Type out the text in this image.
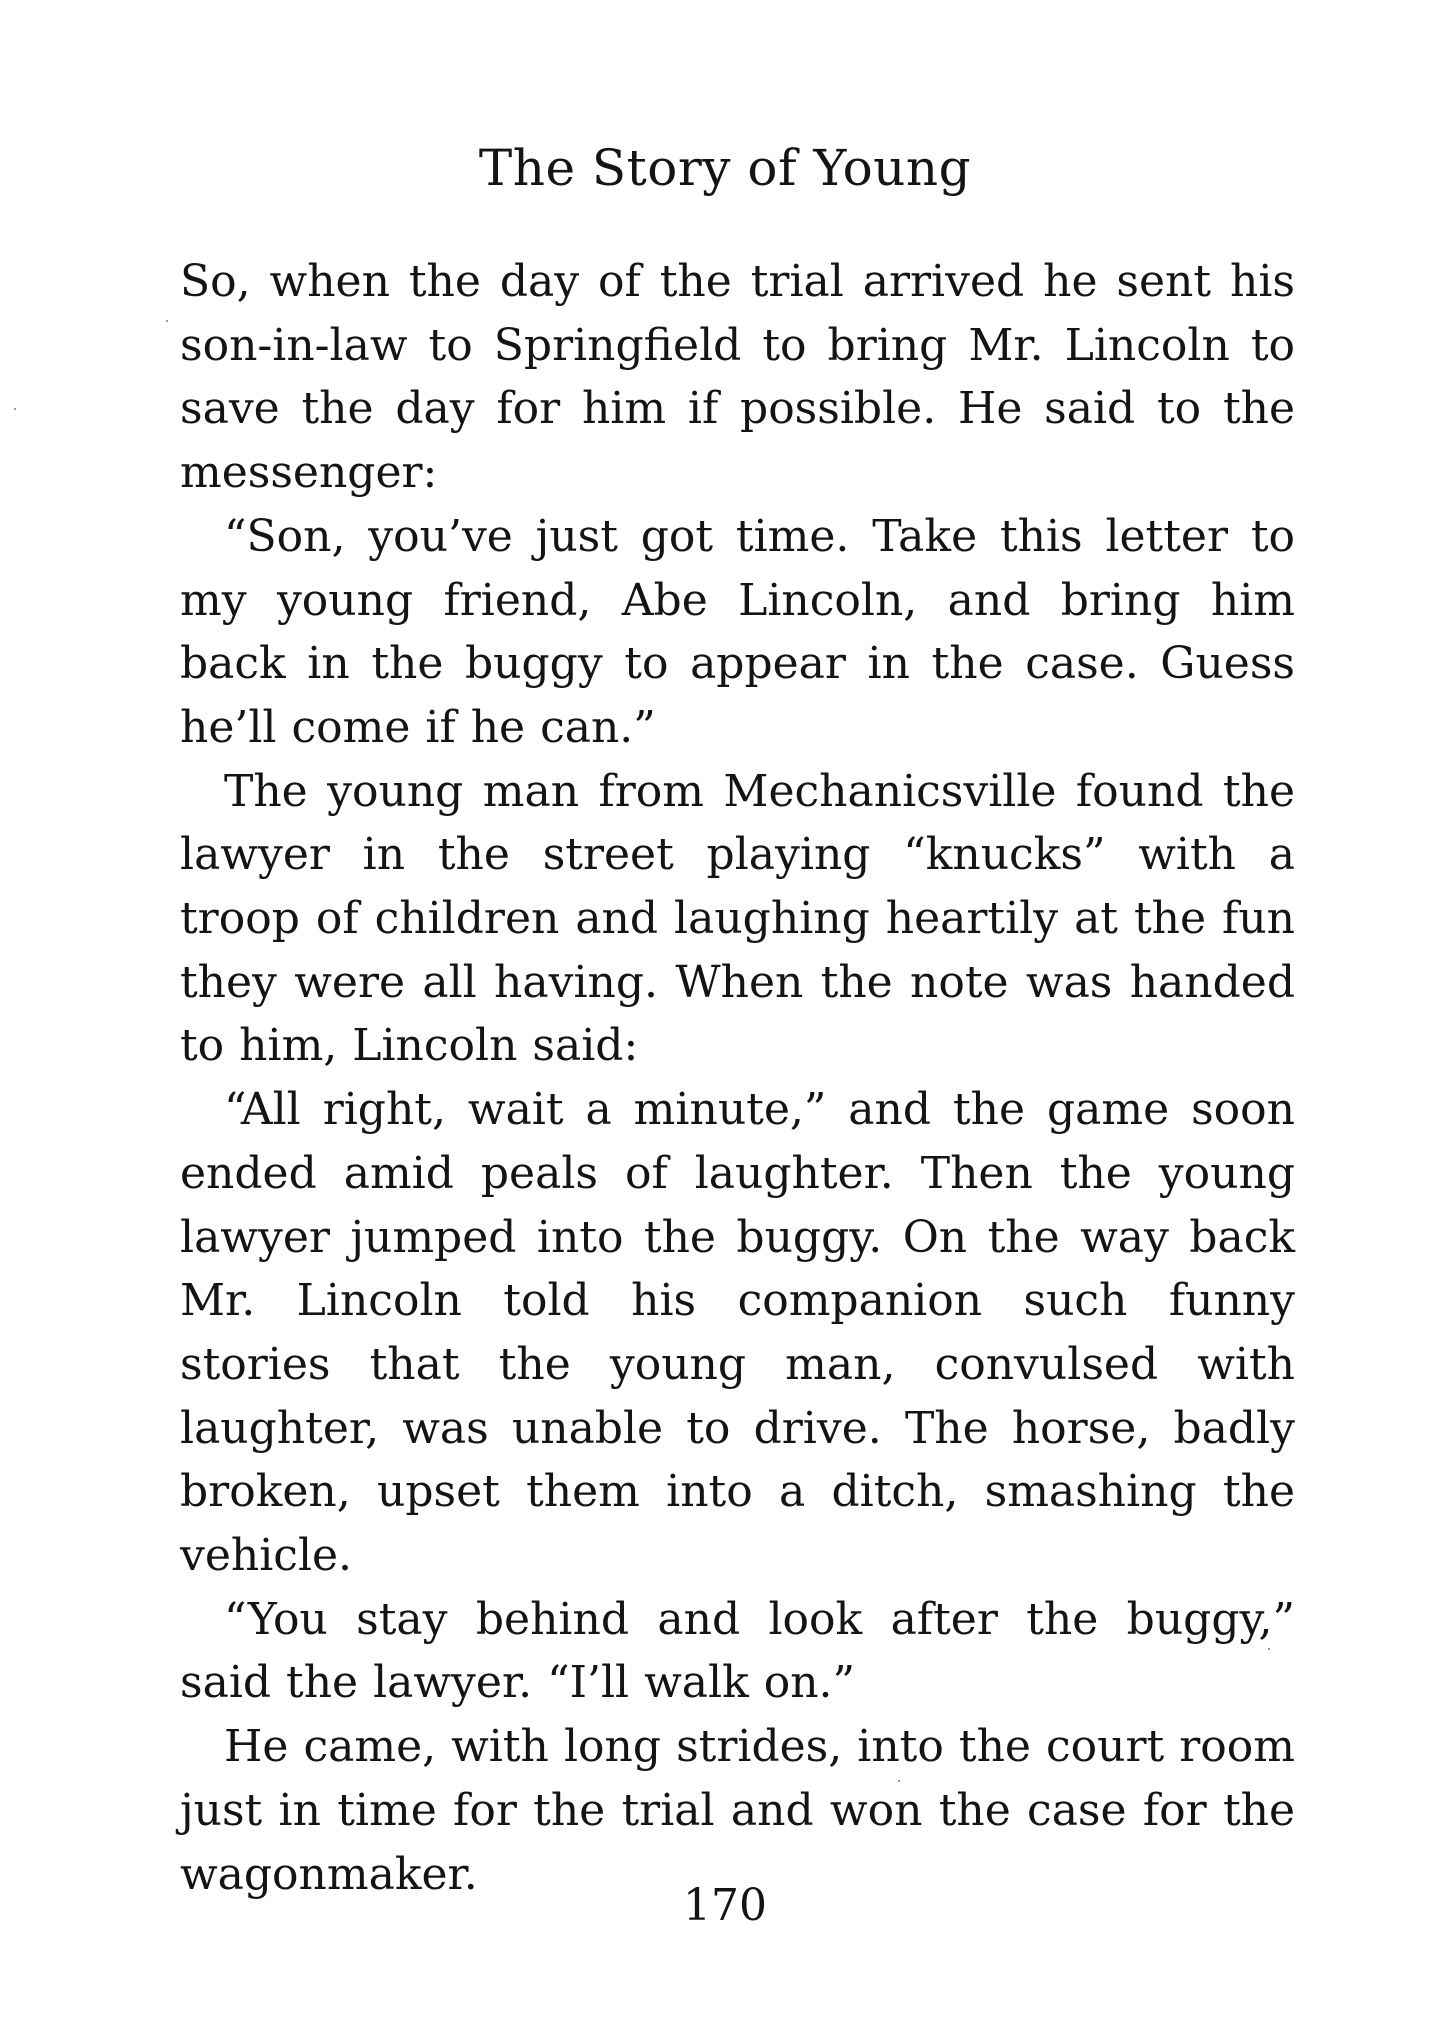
The Story of Young

So, when the day of the trial arrived he sent his son-in-law to Springfield to bring Mr. Lincoln to save the day for him if possible. He said to the messenger:

“Son, you’ve just got time. Take this letter to my young friend, Abe Lincoln, and bring him back in the buggy to appear in the case. Guess he’ll come if he can.”

The young man from Mechanicsville found the lawyer in the street playing “knucks” with a troop of children and laughing heartily at the fun they were all having. When the note was handed to him, Lincoln said:

“All right, wait a minute,” and the game soon ended amid peals of laughter. Then the young lawyer jumped into the buggy. On the way back Mr. Lincoln told his companion such funny stories that the young man, convulsed with laughter, was unable to drive. The horse, badly broken, upset them into a ditch, smashing the vehicle.

“You stay behind and look after the buggy,” said the lawyer. “I’ll walk on.”

He came, with long strides, into the court room just in time for the trial and won the case for the wagonmaker.

170
